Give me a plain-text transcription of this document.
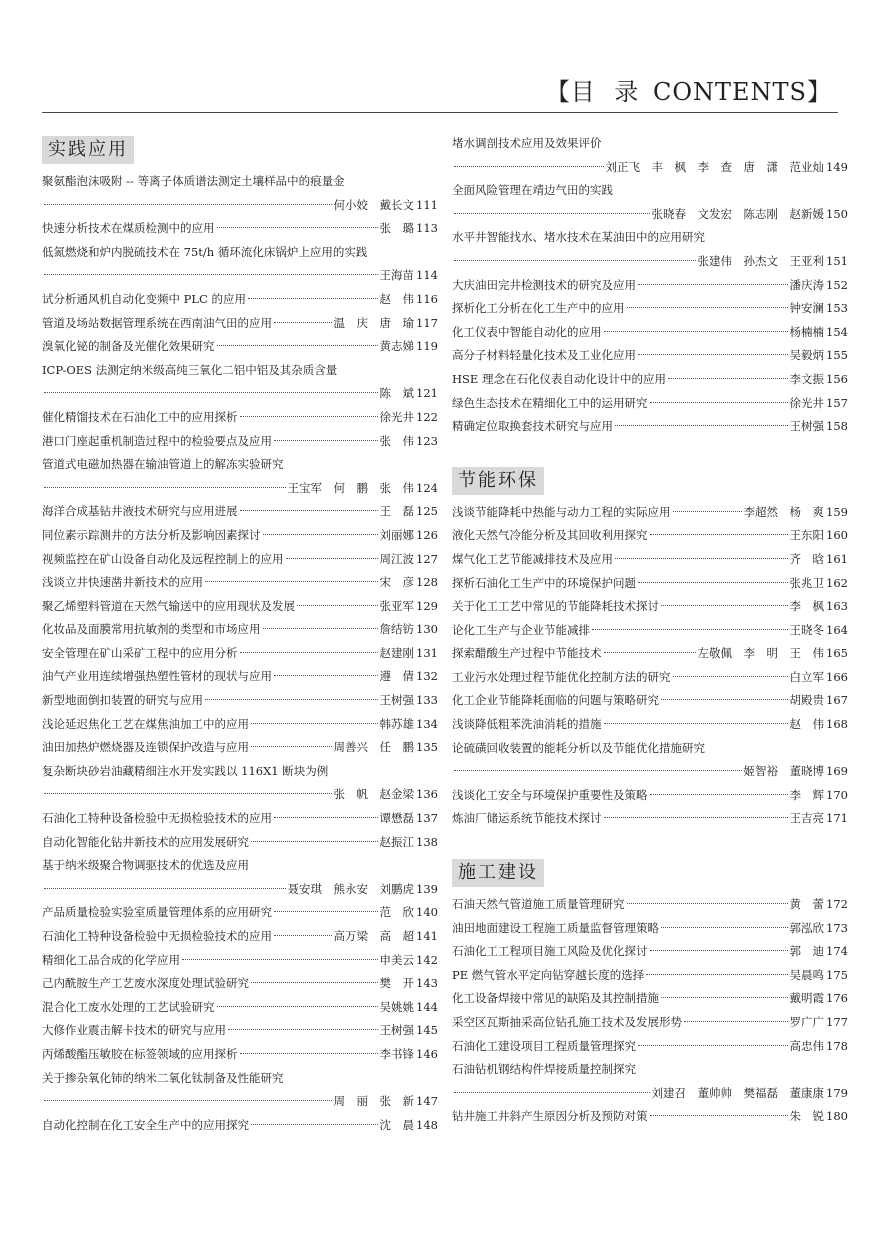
【目 录 CONTENTS】
实践应用
聚氨酯泡沫吸附 -- 等离子体质谱法测定土壤样品中的痕量金
何小姣　戴长文 111
快速分析技术在煤质检测中的应用	张　璐 113
低氮燃烧和炉内脱硫技术在 75t/h 循环流化床锅炉上应用的实践
王海苗 114
试分析通风机自动化变频中 PLC 的应用	赵　伟 116
管道及场站数据管理系统在西南油气田的应用	温　庆　唐　瑜 117
溴氧化铋的制备及光催化效果研究	黄志娣 119
ICP-OES 法测定纳米级高纯三氧化二铝中铝及其杂质含量
陈　斌 121
催化精馏技术在石油化工中的应用探析	徐光井 122
港口门座起重机制造过程中的检验要点及应用	张　伟 123
管道式电磁加热器在输油管道上的解冻实验研究
王宝军　何　鹏　张　伟 124
海洋合成基钻井液技术研究与应用进展	王　磊 125
同位素示踪测井的方法分析及影响因素探讨	刘丽娜 126
视频监控在矿山设备自动化及远程控制上的应用	周江波 127
浅谈立井快速凿井新技术的应用	宋　彦 128
聚乙烯塑料管道在天然气输送中的应用现状及发展	张亚军 129
化妆品及面膜常用抗敏剂的类型和市场应用	詹结钫 130
安全管理在矿山采矿工程中的应用分析	赵建刚 131
油气产业用连续增强热塑性管材的现状与应用	遵　倩 132
新型地面倒扣装置的研究与应用	王树强 133
浅论延迟焦化工艺在煤焦油加工中的应用	韩苏雄 134
油田加热炉燃烧器及连锁保护改造与应用	周善兴　任　鹏 135
复杂断块砂岩油藏精细注水开发实践以 116X1 断块为例
张　帆　赵金梁 136
石油化工特种设备检验中无损检验技术的应用	谭懋磊 137
自动化智能化钻井新技术的应用发展研究	赵振江 138
基于纳米级聚合物调驱技术的优选及应用
聂安琪　熊永安　刘鹏虎 139
产品质量检验实验室质量管理体系的应用研究	范　欣 140
石油化工特种设备检验中无损检验技术的应用	高万梁　高　超 141
精细化工品合成的化学应用	申美云 142
己内酰胺生产工艺废水深度处理试验研究	樊　开 143
混合化工废水处理的工艺试验研究	吴姚姚 144
大修作业震击解卡技术的研究与应用	王树强 145
丙烯酸酯压敏胶在标签领域的应用探析	李书锋 146
关于掺杂氧化铈的纳米二氧化钛制备及性能研究
周　丽　张　新 147
自动化控制在化工安全生产中的应用探究	沈　晨 148
堵水调剖技术应用及效果评价
刘正飞　丰　枫　李　查　唐　潇　范业灿 149
全面风险管理在靖边气田的实践
张晓春　文发宏　陈志刚　赵新媛 150
水平井智能找水、堵水技术在某油田中的应用研究
张建伟　孙杰文　王亚利 151
大庆油田完井检测技术的研究及应用	潘庆涛 152
探析化工分析在化工生产中的应用	钟安澜 153
化工仪表中智能自动化的应用	杨楠楠 154
高分子材料轻量化技术及工业化应用	吴毅炳 155
HSE 理念在石化仪表自动化设计中的应用	李文振 156
绿色生态技术在精细化工中的运用研究	徐光井 157
精确定位取换套技术研究与应用	王树强 158
节能环保
浅谈节能降耗中热能与动力工程的实际应用	李超然　杨　爽 159
液化天然气冷能分析及其回收利用探究	王东阳 160
煤气化工艺节能减排技术及应用	齐　晗 161
探析石油化工生产中的环境保护问题	张兆卫 162
关于化工工艺中常见的节能降耗技术探讨	李　枫 163
论化工生产与企业节能减排	王晓冬 164
探索醋酸生产过程中节能技术	左敬佩　李　明　王　伟 165
工业污水处理过程节能优化控制方法的研究	白立军 166
化工企业节能降耗面临的问题与策略研究	胡殿贵 167
浅谈降低粗苯洗油消耗的措施	赵　伟 168
论硫磺回收装置的能耗分析以及节能优化措施研究
姬智裕　董晓博 169
浅谈化工安全与环境保护重要性及策略	李　辉 170
炼油厂储运系统节能技术探讨	王吉亮 171
施工建设
石油天然气管道施工质量管理研究	黄　蕾 172
油田地面建设工程施工质量监督管理策略	郭泓欣 173
石油化工工程项目施工风险及优化探讨	郭　迪 174
PE 燃气管水平定向钻穿越长度的选择	吴晨鸣 175
化工设备焊接中常见的缺陷及其控制措施	戴明霞 176
采空区瓦斯抽采高位钻孔施工技术及发展形势	罗广广 177
石油化工建设项目工程质量管理探究	高忠伟 178
石油钻机钢结构件焊接质量控制探究
刘建召　董帅帅　樊福磊　董康康 179
钻井施工井斜产生原因分析及预防对策	朱　锐 180
